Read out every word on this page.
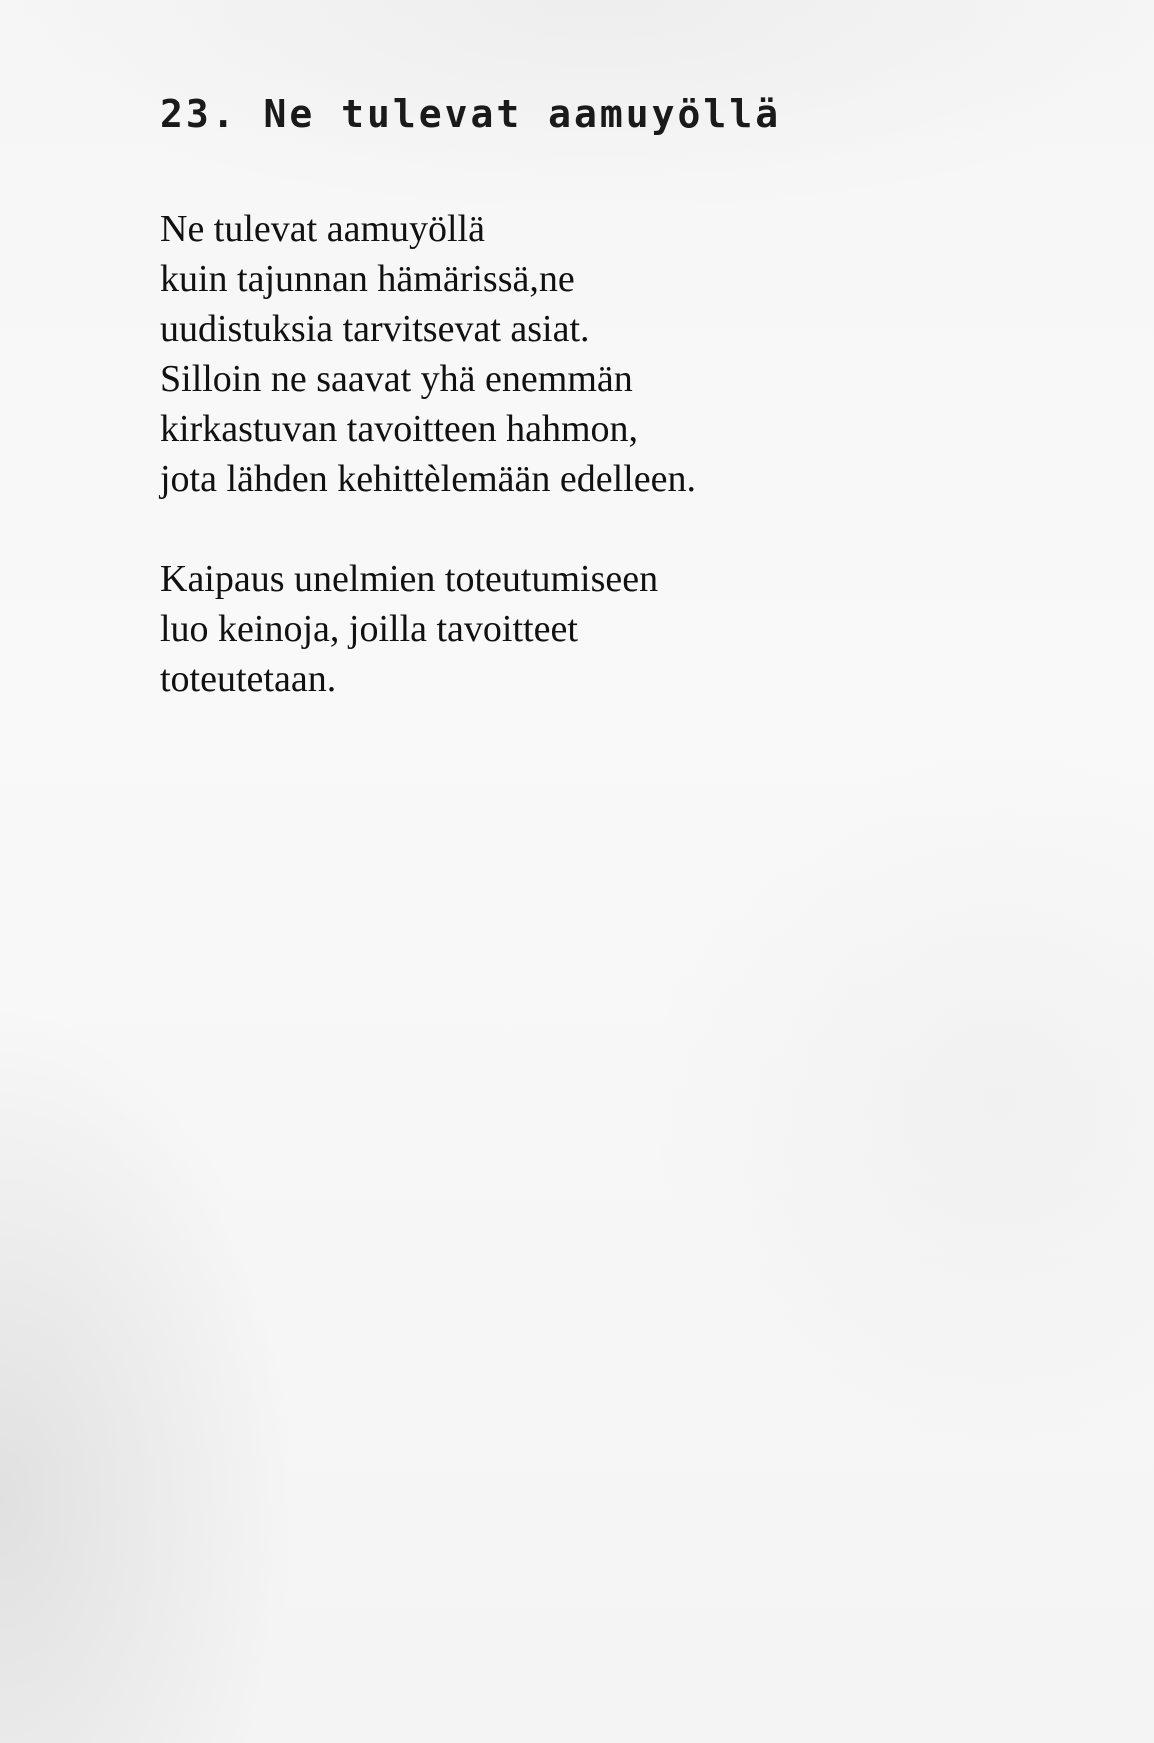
23. Ne tulevat aamuyöllä
Ne tulevat aamuyöllä
kuin tajunnan hämärissä,ne
uudistuksia tarvitsevat asiat.
Silloin ne saavat yhä enemmän
kirkastuvan tavoitteen hahmon,
jota lähden kehittèlemään edelleen.
Kaipaus unelmien toteutumiseen
luo keinoja, joilla tavoitteet
toteutetaan.
